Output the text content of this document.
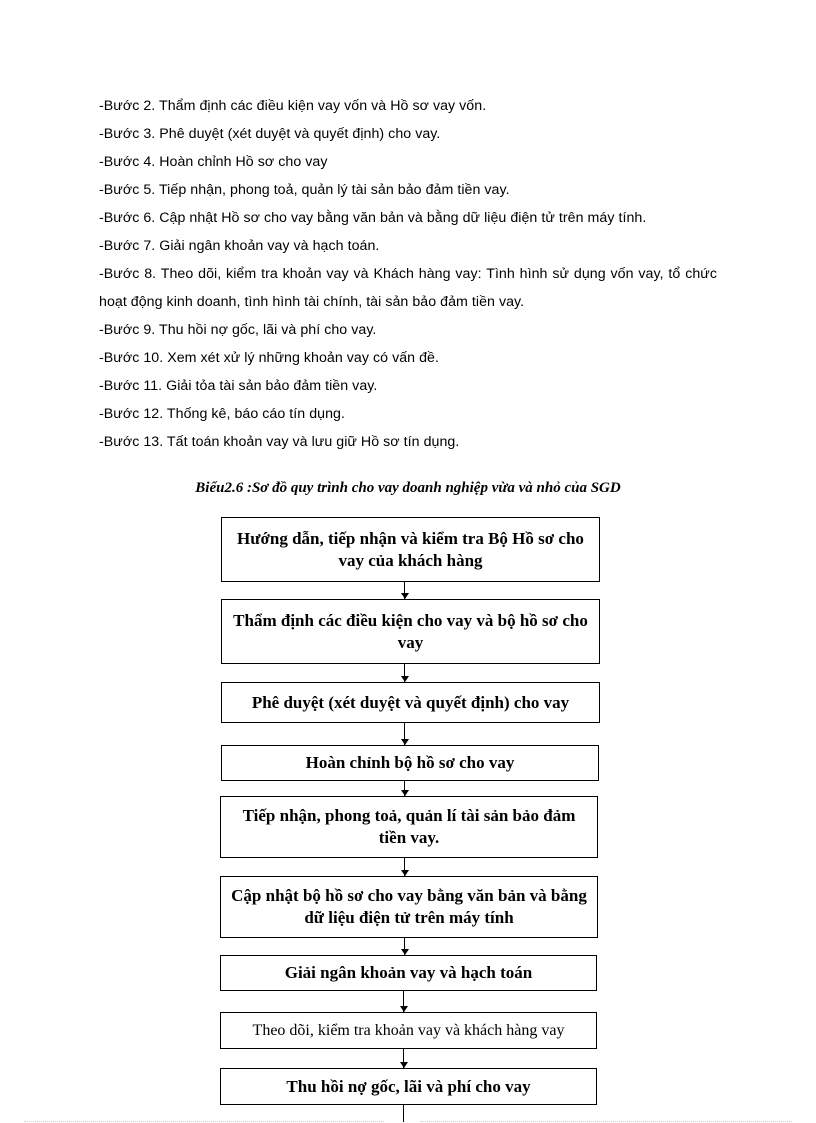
-Bước 2. Thẩm định các điều kiện vay vốn và Hồ sơ vay vốn.
-Bước 3. Phê duyệt (xét duyệt và quyết định) cho vay.
-Bước 4. Hoàn chỉnh Hồ sơ cho vay
-Bước 5. Tiếp nhận, phong toả, quản lý tài sản bảo đảm tiền vay.
-Bước 6. Cập nhật Hồ sơ cho vay bằng văn bản và bằng dữ liệu điện tử trên máy tính.
-Bước 7. Giải ngân khoản vay và hạch toán.
-Bước 8. Theo dõi, kiểm tra khoản vay và Khách hàng vay: Tình hình sử dụng vốn vay, tổ chức hoạt động kinh doanh, tình hình tài chính, tài sản bảo đảm tiền vay.
-Bước 9. Thu hồi nợ gốc, lãi và phí cho vay.
-Bước 10. Xem xét xử lý những khoản vay có vấn đề.
-Bước 11. Giải tỏa tài sản bảo đảm tiền vay.
-Bước 12. Thống kê, báo cáo tín dụng.
-Bước 13. Tất toán khoản vay và lưu giữ Hồ sơ tín dụng.

Biểu2.6 :Sơ đồ quy trình cho vay doanh nghiệp vừa và nhỏ của SGD

Hướng dẫn, tiếp nhận và kiểm tra Bộ Hồ sơ cho vay của khách hàng
Thẩm định các điều kiện cho vay và bộ hồ sơ cho vay
Phê duyệt (xét duyệt và quyết định) cho vay
Hoàn chỉnh bộ hồ sơ cho vay
Tiếp nhận, phong toả, quản lí tài sản bảo đảm tiền vay.
Cập nhật bộ hồ sơ cho vay bằng văn bản và bằng dữ liệu điện tử trên máy tính
Giải ngân khoản vay và hạch toán
Theo dõi, kiểm tra khoản vay và khách hàng vay
Thu hồi nợ gốc, lãi và phí cho vay
